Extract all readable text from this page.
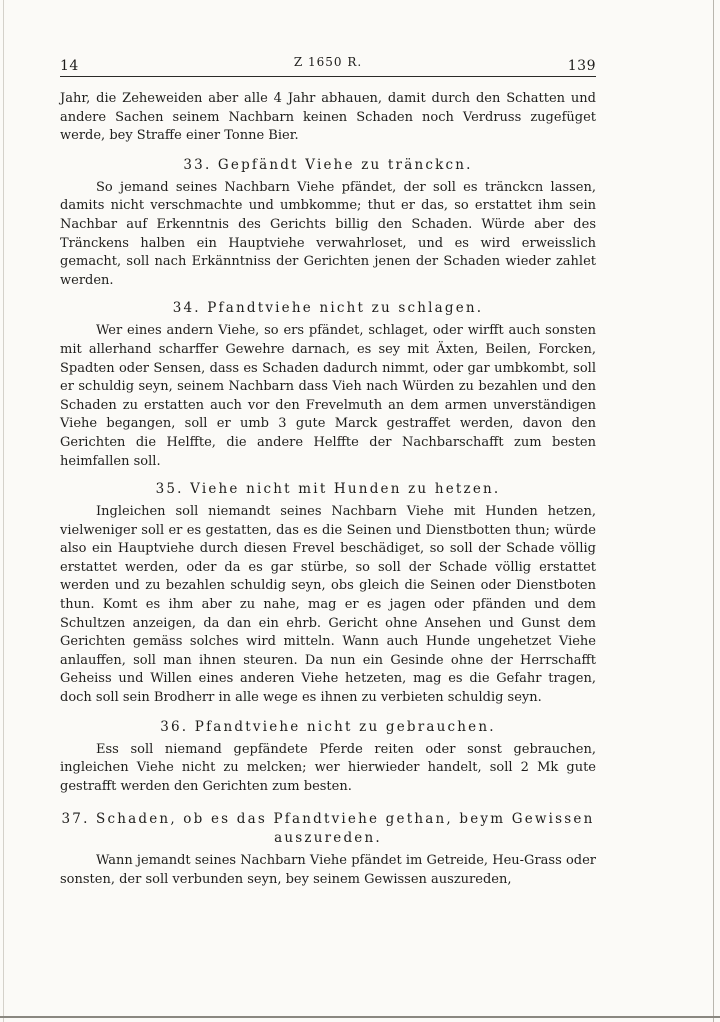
14	Z 1650 R.	139

Jahr, die Zeheweiden aber alle 4 Jahr abhauen, damit durch den Schatten und andere Sachen seinem Nachbarn keinen Schaden noch Verdruss zugefüget werde, bey Straffe einer Tonne Bier.

33. Gepfändt Viehe zu tränckcn.

So jemand seines Nachbarn Viehe pfändet, der soll es tränckcn lassen, damits nicht verschmachte und umbkomme; thut er das, so erstattet ihm sein Nachbar auf Erkenntnis des Gerichts billig den Schaden. Würde aber des Tränckens halben ein Hauptviehe verwahrloset, und es wird erweisslich gemacht, soll nach Erkänntniss der Gerichten jenen der Schaden wieder zahlet werden.

34. Pfandtviehe nicht zu schlagen.

Wer eines andern Viehe, so ers pfändet, schlaget, oder wirfft auch sonsten mit allerhand scharffer Gewehre darnach, es sey mit Äxten, Beilen, Forcken, Spadten oder Sensen, dass es Schaden dadurch nimmt, oder gar umbkombt, soll er schuldig seyn, seinem Nachbarn dass Vieh nach Würden zu bezahlen und den Schaden zu erstatten auch vor den Frevelmuth an dem armen unverständigen Viehe begangen, soll er umb 3 gute Marck gestraffet werden, davon den Gerichten die Helffte, die andere Helffte der Nachbarschafft zum besten heimfallen soll.

35. Viehe nicht mit Hunden zu hetzen.

Ingleichen soll niemandt seines Nachbarn Viehe mit Hunden hetzen, vielweniger soll er es gestatten, das es die Seinen und Dienstbotten thun; würde also ein Hauptviehe durch diesen Frevel beschädiget, so soll der Schade völlig erstattet werden, oder da es gar stürbe, so soll der Schade völlig erstattet werden und zu bezahlen schuldig seyn, obs gleich die Seinen oder Dienstboten thun. Komt es ihm aber zu nahe, mag er es jagen oder pfänden und dem Schultzen anzeigen, da dan ein ehrb. Gericht ohne Ansehen und Gunst dem Gerichten gemäss solches wird mitteln. Wann auch Hunde ungehetzet Viehe anlauffen, soll man ihnen steuren. Da nun ein Gesinde ohne der Herrschafft Geheiss und Willen eines anderen Viehe hetzeten, mag es die Gefahr tragen, doch soll sein Brodherr in alle wege es ihnen zu verbieten schuldig seyn.

36. Pfandtviehe nicht zu gebrauchen.

Ess soll niemand gepfändete Pferde reiten oder sonst gebrauchen, ingleichen Viehe nicht zu melcken; wer hierwieder handelt, soll 2 Mk gute gestrafft werden den Gerichten zum besten.

37. Schaden, ob es das Pfandtviehe gethan, beym Gewissen auszureden.

Wann jemandt seines Nachbarn Viehe pfändet im Getreide, Heu-Grass oder sonsten, der soll verbunden seyn, bey seinem Gewissen auszureden,
